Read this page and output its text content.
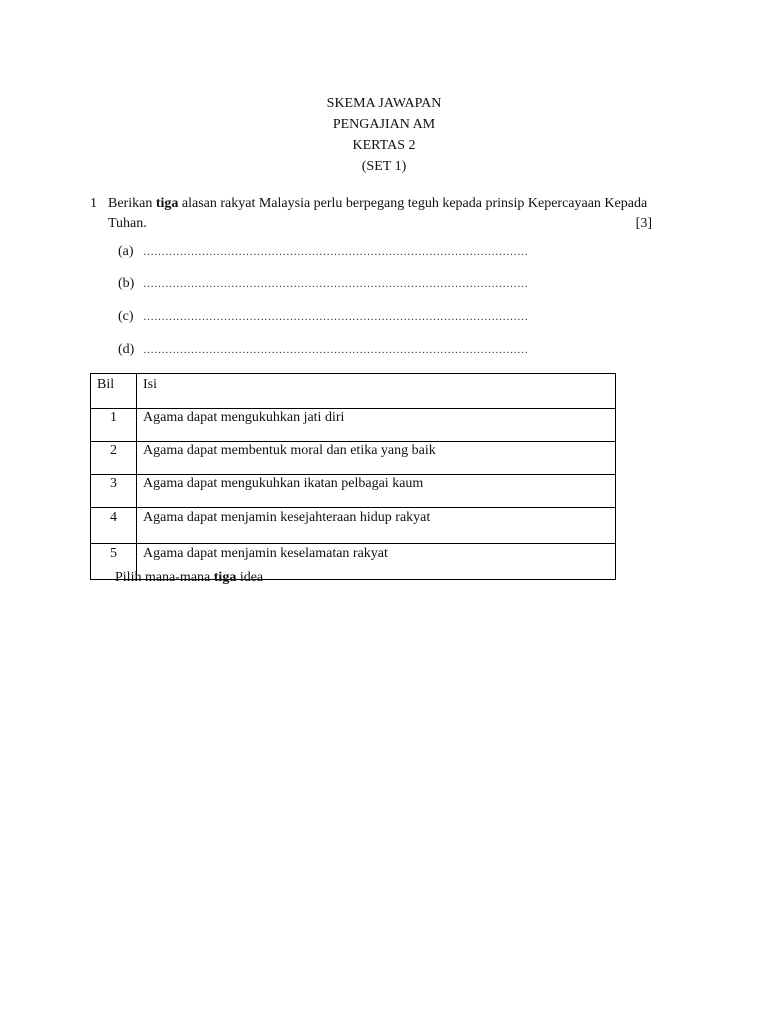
SKEMA JAWAPAN
PENGAJIAN AM
KERTAS 2
(SET 1)
1 Berikan tiga alasan rakyat Malaysia perlu berpegang teguh kepada prinsip Kepercayaan Kepada Tuhan.	[3]
(a) ……………………………………………………………………………………………
(b) ……………………………………………………………………………………………
(c) ……………………………………………………………………………………………
(d) ……………………………………………………………………………………………
Bil	Isi
1	Agama dapat mengukuhkan jati diri
2	Agama dapat membentuk moral dan etika yang baik
3	Agama dapat mengukuhkan ikatan pelbagai kaum
4	Agama dapat menjamin kesejahteraan hidup rakyat
5	Agama dapat menjamin keselamatan rakyat
Pilih mana-mana tiga idea
